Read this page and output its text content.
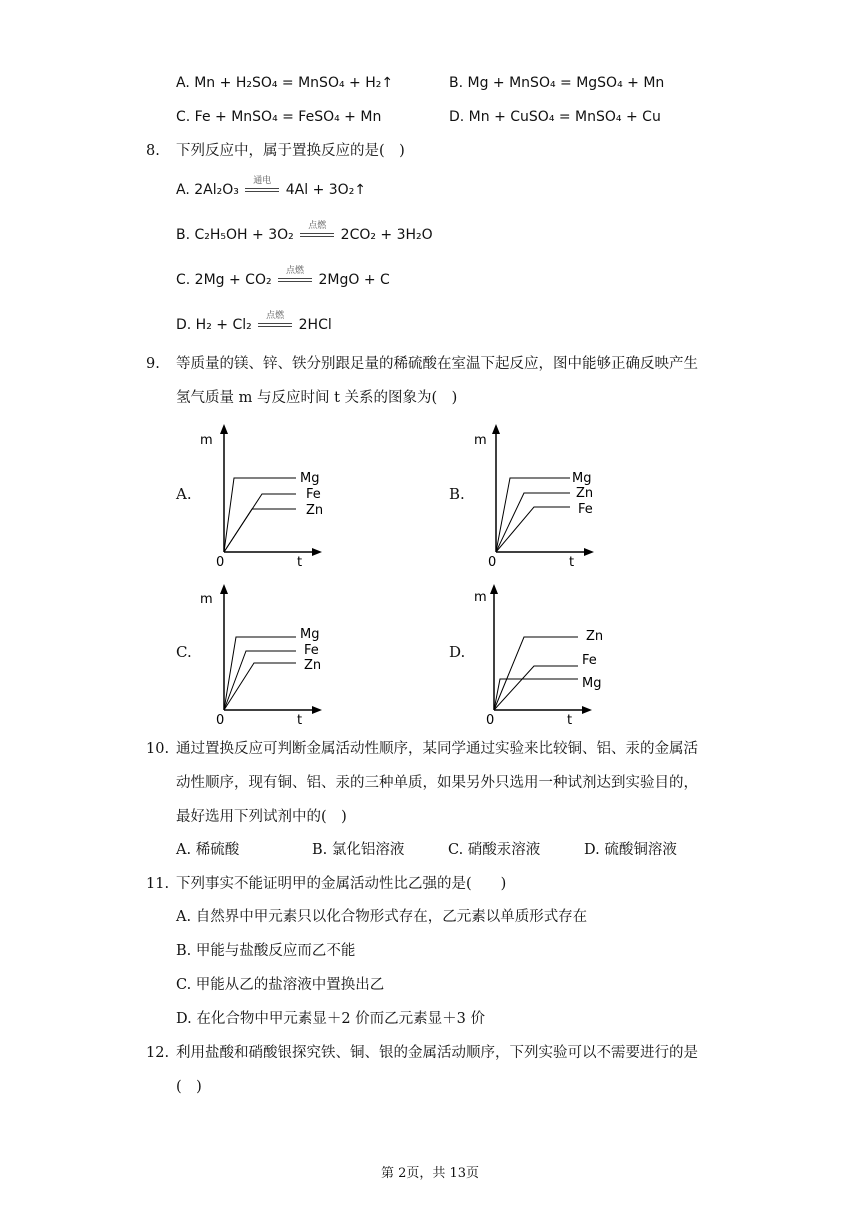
A. Mn + H₂SO₄ = MnSO₄ + H₂↑	B. Mg + MnSO₄ = MgSO₄ + Mn
C. Fe + MnSO₄ = FeSO₄ + Mn	D. Mn + CuSO₄ = MnSO₄ + Cu
8. 下列反应中，属于置换反应的是(　)
A. 2Al₂O₃
通电
4Al + 3O₂↑
B. C₂H₅OH + 3O₂
点燃
2CO₂ + 3H₂O
C. 2Mg + CO₂
点燃
2MgO + C
D. H₂ + Cl₂
点燃
2HCl
9. 等质量的镁、锌、铁分别跟足量的稀硫酸在室温下起反应，图中能够正确反映产生
氢气质量 m 与反应时间 t 关系的图象为(　)
A.
m
0	t
Mg
Fe
Zn
B.
m
0	t
Mg
Zn
Fe
C.
m
0	t
Mg
Fe
Zn
D.
m
0	t
Zn
Fe
Mg
10. 通过置换反应可判断金属活动性顺序，某同学通过实验来比较铜、铝、汞的金属活
动性顺序，现有铜、铝、汞的三种单质，如果另外只选用一种试剂达到实验目的，
最好选用下列试剂中的(　)
A. 稀硫酸	B. 氯化铝溶液	C. 硝酸汞溶液	D. 硫酸铜溶液
11. 下列事实不能证明甲的金属活动性比乙强的是(　　)
A. 自然界中甲元素只以化合物形式存在，乙元素以单质形式存在
B. 甲能与盐酸反应而乙不能
C. 甲能从乙的盐溶液中置换出乙
D. 在化合物中甲元素显＋2 价而乙元素显＋3 价
12. 利用盐酸和硝酸银探究铁、铜、银的金属活动顺序，下列实验可以不需要进行的是
(　)
第 2页，共 13页
